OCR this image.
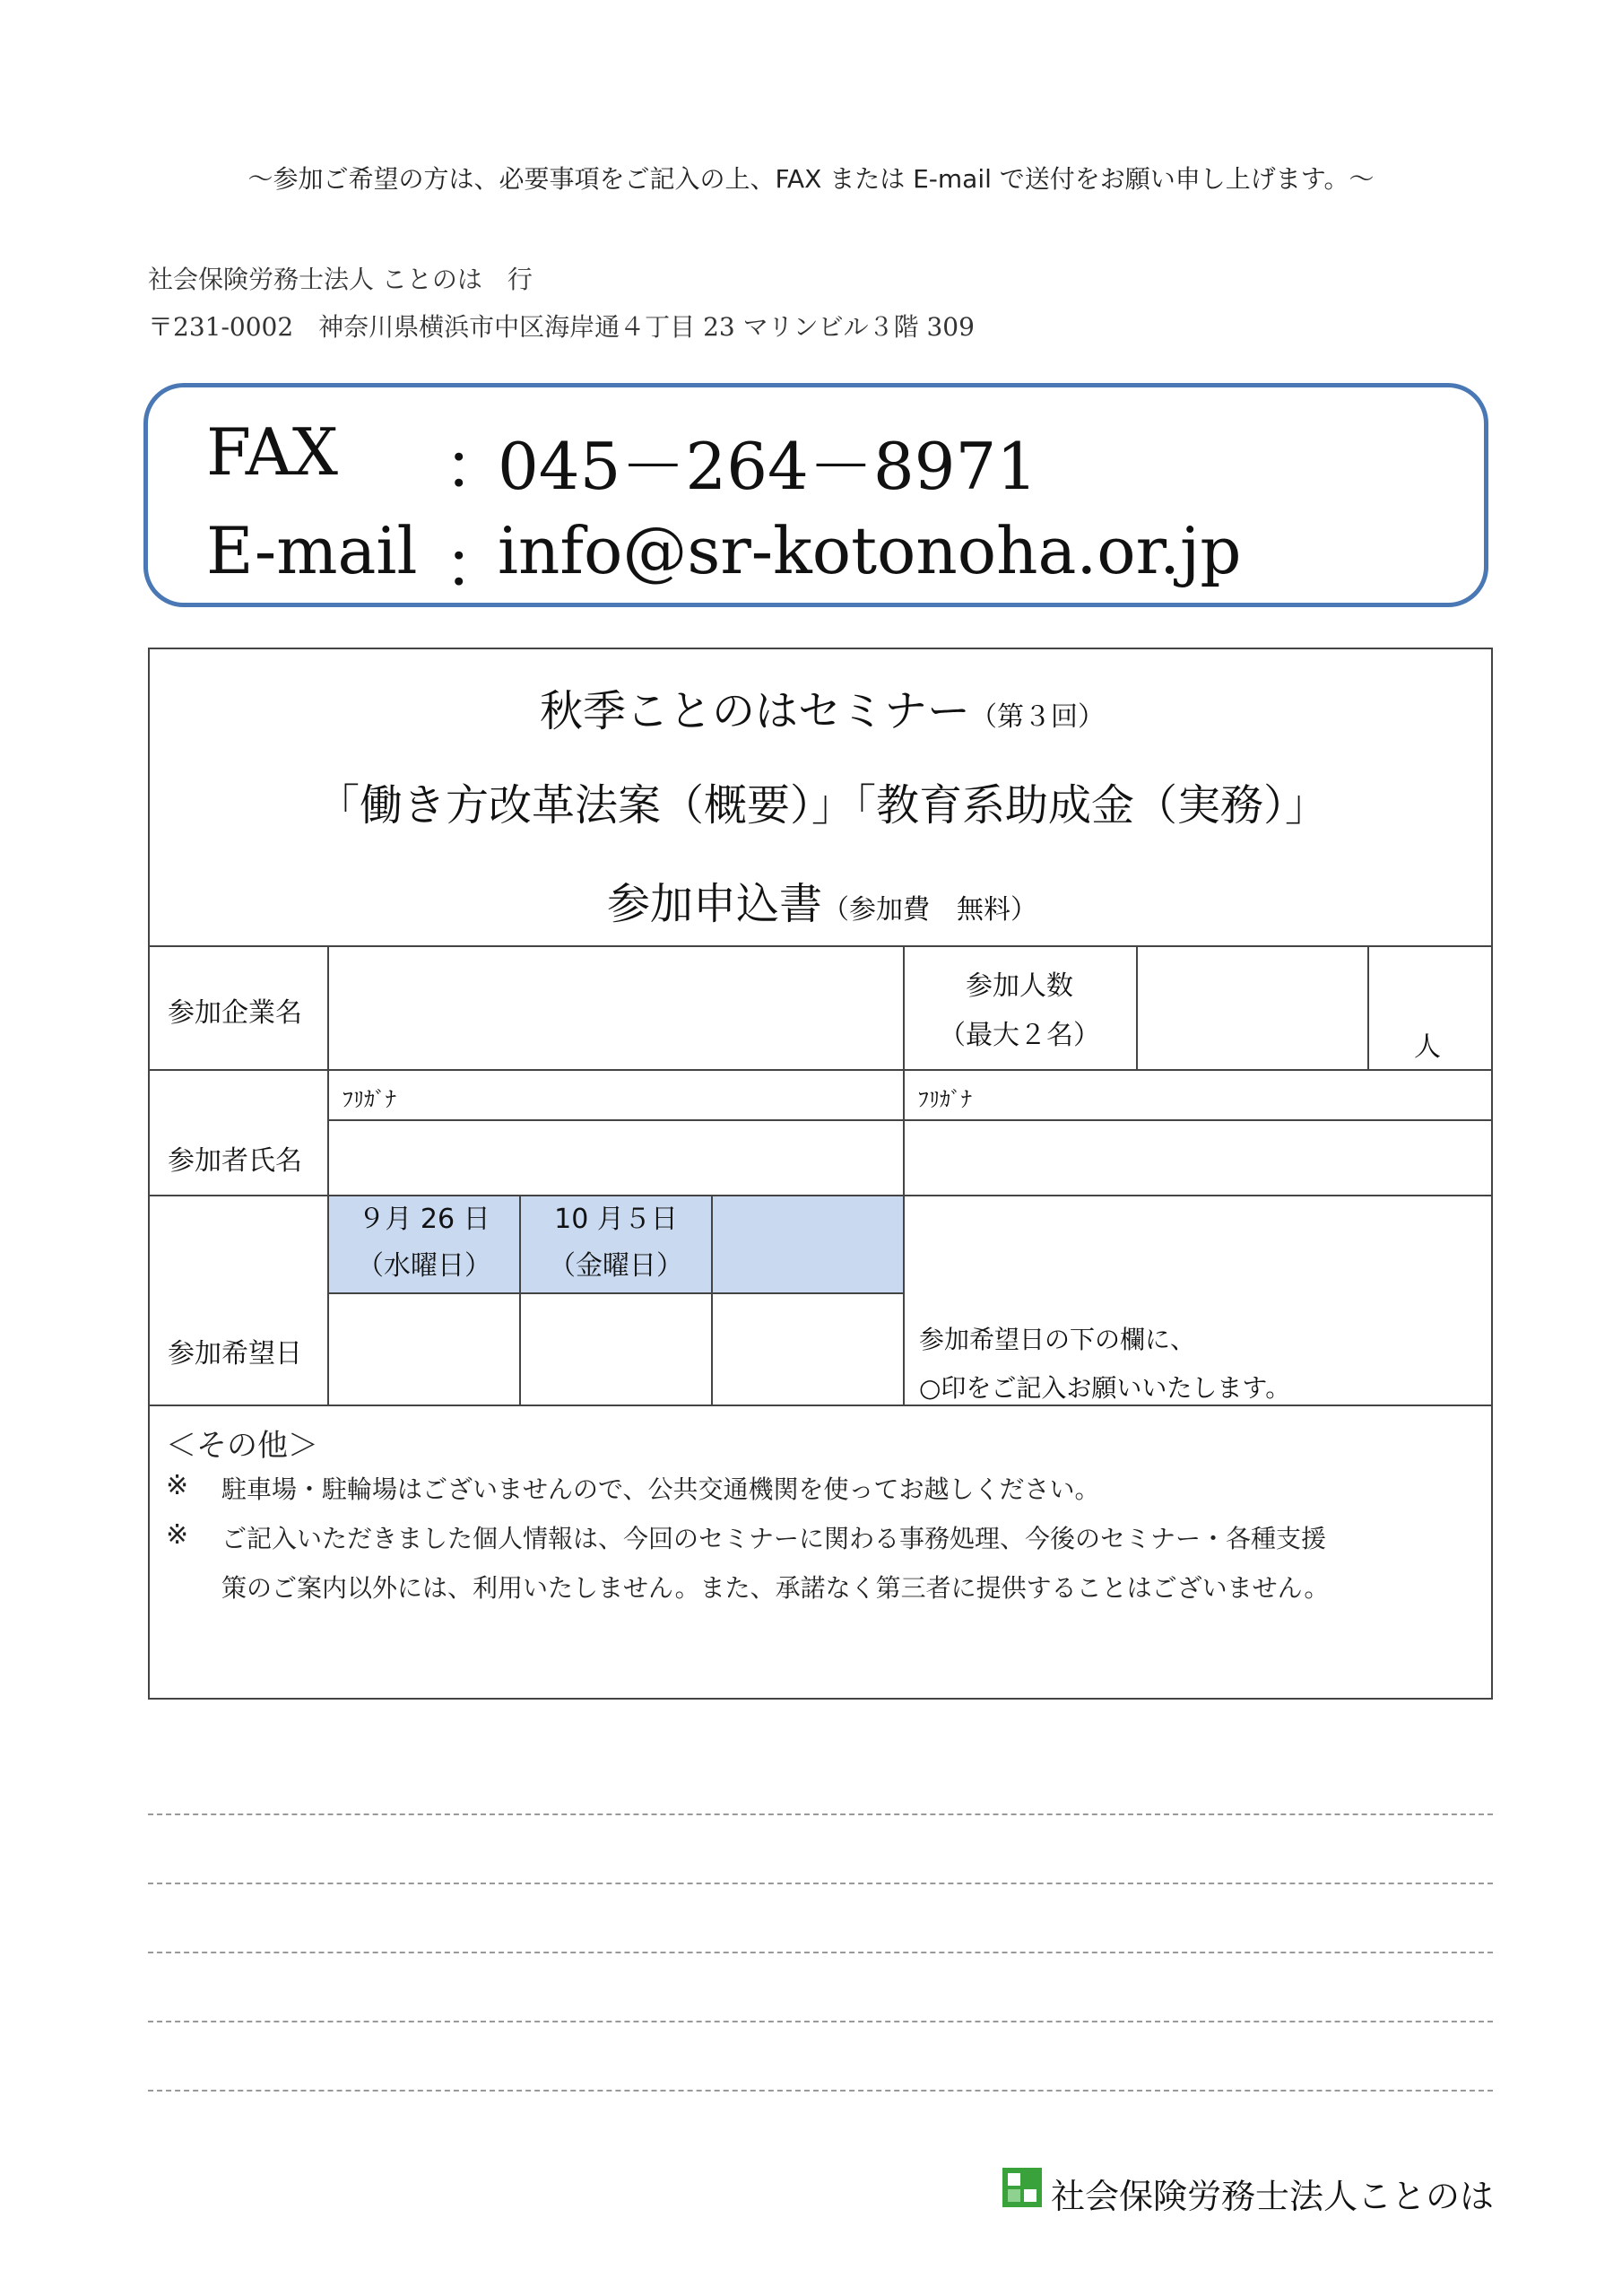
～参加ご希望の方は、必要事項をご記入の上、FAX または E-mail で送付をお願い申し上げます。～
社会保険労務士法人 ことのは　行
〒231-0002　神奈川県横浜市中区海岸通４丁目 23 マリンビル３階 309
FAX ：
045－264－8971
E-mail ：
info@sr-kotonoha.or.jp
秋季ことのはセミナー（第３回）
「働き方改革法案（概要）」「教育系助成金（実務）」
参加申込書（参加費　無料）
参加企業名
参加人数
（最大２名）	人
参加者氏名
ﾌﾘｶﾞﾅ	ﾌﾘｶﾞﾅ
参加希望日
９月 26 日
（水曜日）
10 月５日
（金曜日）
参加希望日の下の欄に、
○印をご記入お願いいたします。
＜その他＞
※ 駐車場・駐輪場はございませんので、公共交通機関を使ってお越しください。
※ ご記入いただきました個人情報は、今回のセミナーに関わる事務処理、今後のセミナー・各種支援
策のご案内以外には、利用いたしません。また、承諾なく第三者に提供することはございません。
社会保険労務士法人ことのは
